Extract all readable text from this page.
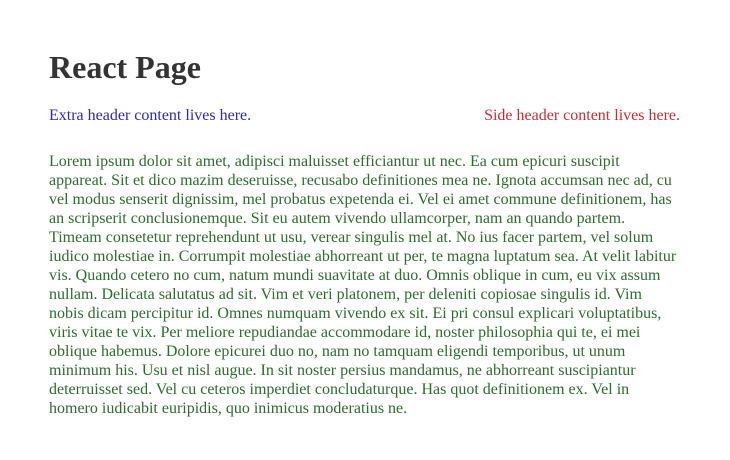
React Page
Extra header content lives here.	Side header content lives here.

Lorem ipsum dolor sit amet, adipisci maluisset efficiantur ut nec. Ea cum epicuri suscipit appareat. Sit et dico mazim deseruisse, recusabo definitiones mea ne. Ignota accumsan nec ad, cu vel modus senserit dignissim, mel probatus expetenda ei. Vel ei amet commune definitionem, has an scripserit conclusionemque. Sit eu autem vivendo ullamcorper, nam an quando partem. Timeam consetetur reprehendunt ut usu, verear singulis mel at. No ius facer partem, vel solum iudico molestiae in. Corrumpit molestiae abhorreant ut per, te magna luptatum sea. At velit labitur vis. Quando cetero no cum, natum mundi suavitate at duo. Omnis oblique in cum, eu vix assum nullam. Delicata salutatus ad sit. Vim et veri platonem, per deleniti copiosae singulis id. Vim nobis dicam percipitur id. Omnes numquam vivendo ex sit. Ei pri consul explicari voluptatibus, viris vitae te vix. Per meliore repudiandae accommodare id, noster philosophia qui te, ei mei oblique habemus. Dolore epicurei duo no, nam no tamquam eligendi temporibus, ut unum minimum his. Usu et nisl augue. In sit noster persius mandamus, ne abhorreant suscipiantur deterruisset sed. Vel cu ceteros imperdiet concludaturque. Has quot definitionem ex. Vel in homero iudicabit euripidis, quo inimicus moderatius ne.
